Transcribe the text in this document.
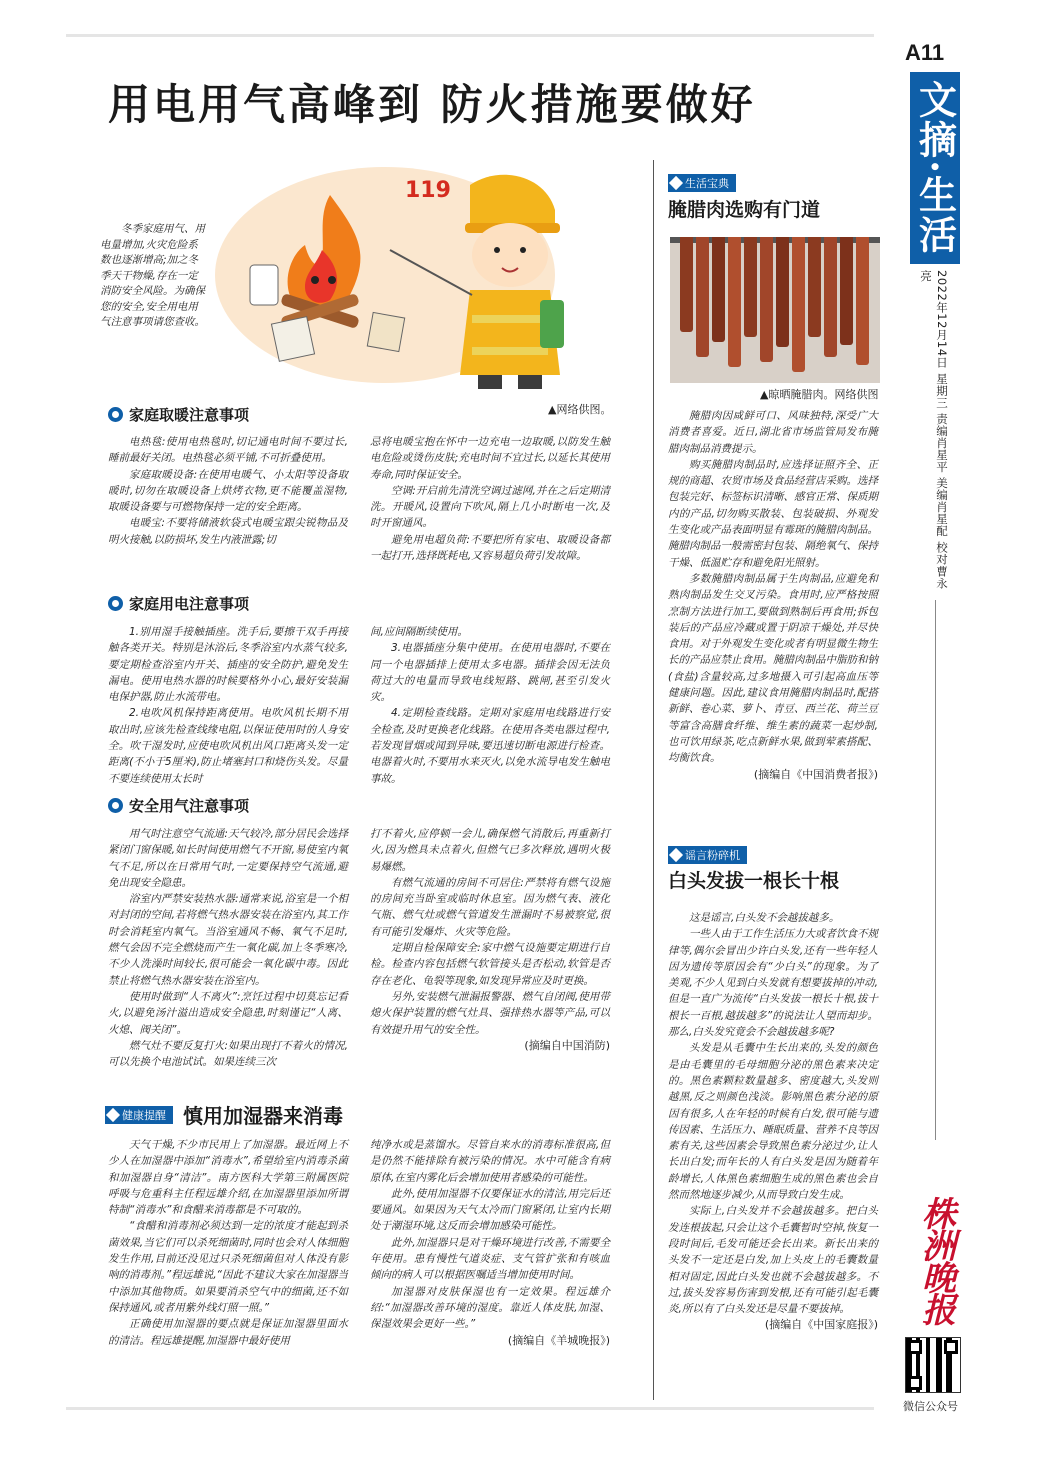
A11
文摘·生活
2022年12月14日 星期三 责编肖星平 美编肖星配 校对曹永亮
株洲晚报
微信公众号
用电用气高峰到 防火措施要做好
冬季家庭用气、用电量增加,火灾危险系数也逐渐增高;加之冬季天干物燥,存在一定消防安全风险。为确保您的安全,安全用电用气注意事项请您查收。
119
▲网络供图。
家庭取暖注意事项

电热毯:使用电热毯时,切记通电时间不要过长,睡前最好关闭。电热毯必须平铺,不可折叠使用。

家庭取暖设备:在使用电暖气、小太阳等设备取暖时,切勿在取暖设备上烘烤衣物,更不能覆盖湿物,取暖设备要与可燃物保持一定的安全距离。

电暖宝:不要将储液软袋式电暖宝跟尖锐物品及明火接触,以防损坏,发生内液泄露;切

忌将电暖宝抱在怀中一边充电一边取暖,以防发生触电危险或烫伤皮肤;充电时间不宜过长,以延长其使用寿命,同时保证安全。

空调:开启前先清洗空调过滤网,并在之后定期清洗。开暖风,设置向下吹风,隔上几小时断电一次,及时开窗通风。

避免用电超负荷:不要把所有家电、取暖设备都一起打开,选择既耗电,又容易超负荷引发故障。

家庭用电注意事项

1.别用湿手接触插座。洗手后,要擦干双手再接触各类开关。特别是沐浴后,冬季浴室内水蒸气较多,要定期检查浴室内开关、插座的安全防护,避免发生漏电。使用电热水器的时候要格外小心,最好安装漏电保护器,防止水流带电。

2.电吹风机保持距离使用。电吹风机长期不用取出时,应该先检查线缘电阻,以保证使用时的人身安全。吹干湿发时,应使电吹风机出风口距离头发一定距离(不小于5厘米),防止堵塞封口和烧伤头发。尽量不要连续使用太长时

间,应间隔断续使用。

3.电器插座分集中使用。在使用电器时,不要在同一个电器插排上使用太多电器。插排会因无法负荷过大的电量而导致电线短路、跳闸,甚至引发火灾。

4.定期检查线路。定期对家庭用电线路进行安全检查,及时更换老化线路。在使用各类电器过程中,若发现冒烟或闻到异味,要迅速切断电源进行检查。电器着火时,不要用水来灭火,以免水流导电发生触电事故。

安全用气注意事项

用气时注意空气流通:天气较冷,部分居民会选择紧闭门窗保暖,如长时间使用燃气不开窗,易使室内氧气不足,所以在日常用气时,一定要保持空气流通,避免出现安全隐患。

浴室内严禁安装热水器:通常来说,浴室是一个相对封闭的空间,若将燃气热水器安装在浴室内,其工作时会消耗室内氧气。当浴室通风不畅、氧气不足时,燃气会因不完全燃烧而产生一氧化碳,加上冬季寒冷,不少人洗澡时间较长,很可能会一氧化碳中毒。因此禁止将燃气热水器安装在浴室内。

使用时做到“人不离火”:烹饪过程中切莫忘记看火,以避免汤汁溢出造成安全隐患,时刻谨记“人离、火熄、阀关闭”。

燃气灶不要反复打火:如果出现打不着火的情况,可以先换个电池试试。如果连续三次

打不着火,应停顿一会儿,确保燃气消散后,再重新打火,因为燃具未点着火,但燃气已多次释放,遇明火极易爆燃。

有燃气流通的房间不可居住:严禁将有燃气设施的房间充当卧室或临时休息室。因为燃气表、液化气瓶、燃气灶或燃气管道发生泄漏时不易被察觉,很有可能引发爆炸、火灾等危险。

定期自检保障安全:家中燃气设施要定期进行自检。检查内容包括燃气软管接头是否松动,软管是否存在老化、龟裂等现象,如发现异常应及时更换。

另外,安装燃气泄漏报警器、燃气自闭阀,使用带熄火保护装置的燃气灶具、强排热水器等产品,可以有效提升用气的安全性。

(摘编自中国消防)
健康提醒 慎用加湿器来消毒

天气干燥,不少市民用上了加湿器。最近网上不少人在加湿器中添加“消毒水”,希望给室内消毒杀菌和加湿器自身“清洁”。南方医科大学第三附属医院呼吸与危重科主任程远雄介绍,在加湿器里添加所谓特制“消毒水”和食醋来消毒都是不可取的。

“食醋和消毒剂必须达到一定的浓度才能起到杀菌效果,当它们可以杀死细菌时,同时也会对人体细胞发生作用,目前还没见过只杀死细菌但对人体没有影响的消毒剂。”程远雄说,“因此不建议大家在加湿器当中添加其他物质。如果要消杀空气中的细菌,还不如保持通风,或者用紫外线灯照一照。”

正确使用加湿器的要点就是保证加湿器里面水的清洁。程远雄提醒,加湿器中最好使用

纯净水或是蒸馏水。尽管自来水的消毒标准很高,但是仍然不能排除有被污染的情况。水中可能含有病原体,在室内雾化后会增加使用者感染的可能性。

此外,使用加湿器不仅要保证水的清洁,用完后还要通风。如果因为天气太冷而门窗紧闭,让室内长期处于潮湿环境,这反而会增加感染可能性。

此外,加湿器只是对干燥环境进行改善,不需要全年使用。患有慢性气道炎症、支气管扩张和有咳血倾向的病人可以根据医嘱适当增加使用时间。

加湿器对皮肤保湿也有一定效果。程远雄介绍:“加湿器改善环境的湿度。靠近人体皮肤,加湿、保湿效果会更好一些。”

(摘编自《羊城晚报》)
生活宝典
腌腊肉选购有门道
▲晾晒腌腊肉。网络供图

腌腊肉因咸鲜可口、风味独特,深受广大消费者喜爱。近日,湖北省市场监管局发布腌腊肉制品消费提示。

购买腌腊肉制品时,应选择证照齐全、正规的商超、农贸市场及食品经营店采购。选择包装完好、标签标识清晰、感官正常、保质期内的产品,切勿购买散装、包装破损、外观发生变化或产品表面明显有霉斑的腌腊肉制品。腌腊肉制品一般需密封包装、隔绝氧气、保持干燥、低温贮存和避免阳光照射。

多数腌腊肉制品属于生肉制品,应避免和熟肉制品发生交叉污染。食用时,应严格按照烹制方法进行加工,要做到熟制后再食用;拆包装后的产品应冷藏或置于阴凉干燥处,并尽快食用。对于外观发生变化或者有明显微生物生长的产品应禁止食用。腌腊肉制品中脂肪和钠(食盐)含量较高,过多地摄入可引起高血压等健康问题。因此,建议食用腌腊肉制品时,配搭新鲜、卷心菜、萝卜、青豆、西兰花、荷兰豆等富含高膳食纤维、维生素的蔬菜一起炒制,也可饮用绿茶,吃点新鲜水果,做到荤素搭配、均衡饮食。

(摘编自《中国消费者报》)
谣言粉碎机
白头发拔一根长十根

这是谣言,白头发不会越拔越多。

一些人由于工作生活压力大或者饮食不规律等,偶尔会冒出少许白头发,还有一些年轻人因为遗传等原因会有“少白头”的现象。为了美观,不少人见到白头发就有想要拔掉的冲动,但是一直广为流传“白头发拔一根长十根,拔十根长一百根,越拔越多”的说法让人望而却步。那么,白头发究竟会不会越拔越多呢?

头发是从毛囊中生长出来的,头发的颜色是由毛囊里的毛母细胞分泌的黑色素来决定的。黑色素颗粒数量越多、密度越大,头发则越黑,反之则颜色浅淡。影响黑色素分泌的原因有很多,人在年轻的时候有白发,很可能与遗传因素、生活压力、睡眠质量、营养不良等因素有关,这些因素会导致黑色素分泌过少,让人长出白发;而年长的人有白头发是因为随着年龄增长,人体黑色素细胞生成的黑色素也会自然而然地逐步减少,从而导致白发生成。

实际上,白头发并不会越拔越多。把白头发连根拔起,只会让这个毛囊暂时空掉,恢复一段时间后,毛发可能还会长出来。新长出来的头发不一定还是白发,加上头皮上的毛囊数量相对固定,因此白头发也就不会越拔越多。不过,拔头发容易伤害到发根,还有可能引起毛囊炎,所以有了白头发还是尽量不要拔掉。

(摘编自《中国家庭报》)
